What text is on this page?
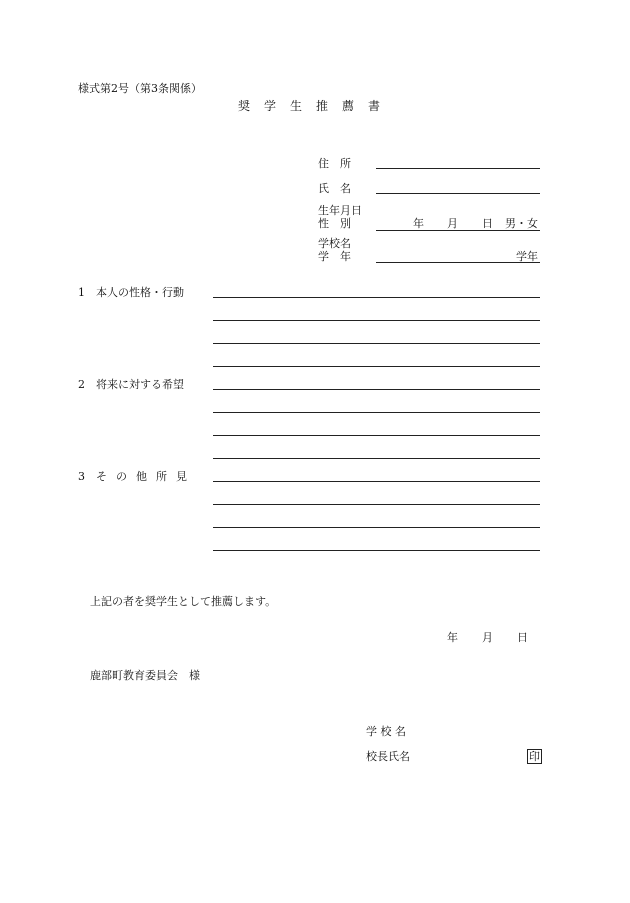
様式第2号（第3条関係）
奨学生推薦書
住　所
氏　名
生年月日
性　別	年 月 日 男・女
学校名
学　年	学年
1 本人の性格・行動
2 将来に対する希望
3 その他所見
上記の者を奨学生として推薦します。
年 月 日
鹿部町教育委員会　様
学 校 名
校長氏名	印
